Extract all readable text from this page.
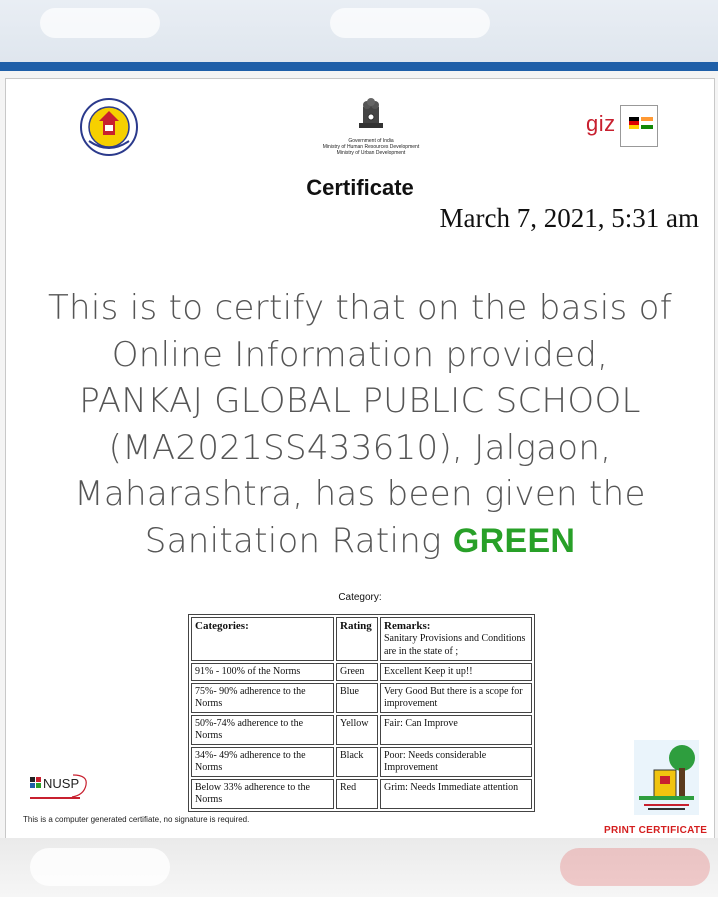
Government of India
Ministry of Human Resources Development
Ministry of Urban Development
giz
Certificate
March 7, 2021, 5:31 am
This is to certify that on the basis of
Online Information provided,
PANKAJ GLOBAL PUBLIC SCHOOL
(MA2021SS433610), Jalgaon,
Maharashtra, has been given the
Sanitation Rating GREEN
Category:
Categories:	Rating	Remarks:
Sanitary Provisions and Conditions are in the state of ;
91% - 100% of the Norms	Green	Excellent Keep it up!!
75%- 90% adherence to the Norms	Blue	Very Good But there is a scope for improvement
50%-74% adherence to the Norms	Yellow	Fair: Can Improve
34%- 49% adherence to the Norms	Black	Poor: Needs considerable Improvement
Below 33% adherence to the Norms	Red	Grim: Needs Immediate attention
NUSP
This is a computer generated certifiate, no signature is required.
PRINT CERTIFICATE
